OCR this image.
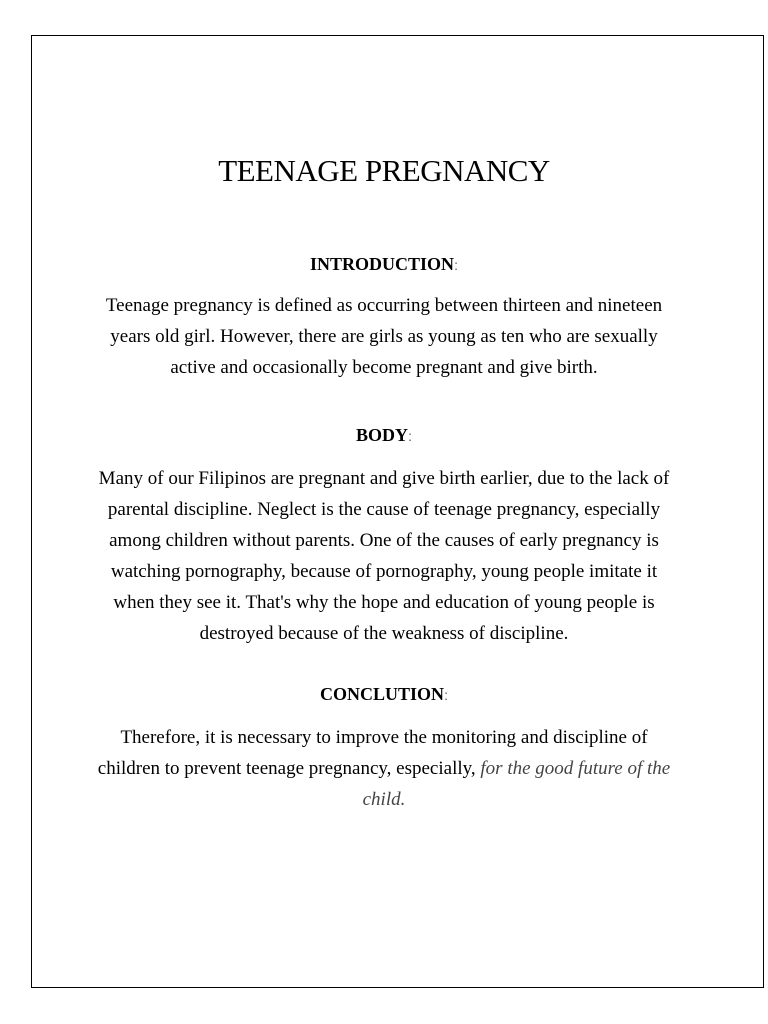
TEENAGE PREGNANCY
INTRODUCTION:

Teenage pregnancy is defined as occurring between thirteen and nineteen years old girl. However, there are girls as young as ten who are sexually active and occasionally become pregnant and give birth.

BODY:

Many of our Filipinos are pregnant and give birth earlier, due to the lack of parental discipline. Neglect is the cause of teenage pregnancy, especially among children without parents. One of the causes of early pregnancy is watching pornography, because of pornography, young people imitate it when they see it. That's why the hope and education of young people is destroyed because of the weakness of discipline.

CONCLUTION:

Therefore, it is necessary to improve the monitoring and discipline of children to prevent teenage pregnancy, especially, for the good future of the child.
